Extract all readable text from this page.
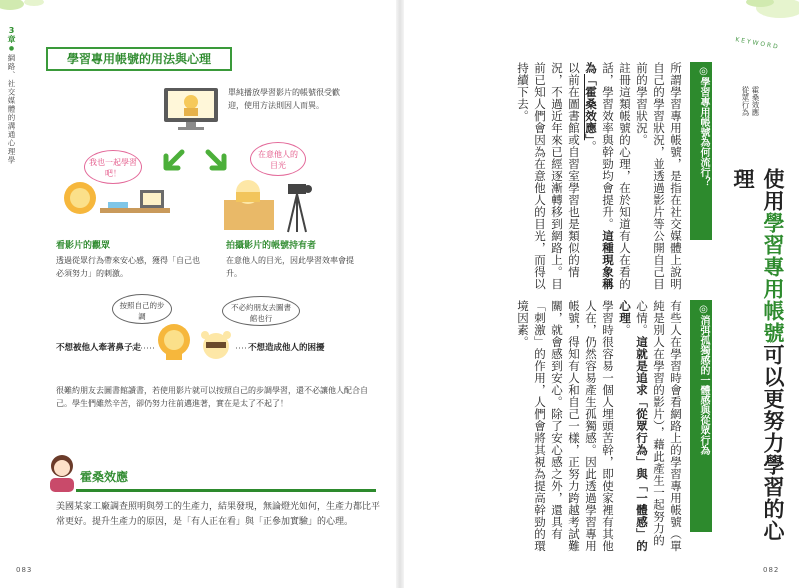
3章
●
網路、社交媒體的溝通心理學	學習專用帳號的用法與心理
單純播放學習影片的帳號很受歡迎，使用方法則因人而異。
我也一起學習吧！
在意他人的目光
看影片的觀眾
透過從眾行為帶來安心感，獲得「自己也必須努力」的刺激。
拍攝影片的帳號持有者
在意他人的目光，因此學習效率會提升。
按照自己的步調
不必約朋友去圖書館也行
不想被他人牽著鼻子走	不想造成他人的困擾
很難約朋友去圖書館讀書，若使用影片就可以按照自己的步調學習，還不必讓他人配合自己。學生們雖然辛苦，卻仍努力往前邁進著，實在是太了不起了！
霍桑效應
美國某家工廠調查照明與勞工的生產力，結果發現，無論燈光如何，生產力都比平常更好。提升生產力的原因，是「有人正在看」與「正參加實驗」的心理。
083
KEYWORD
霍桑效應
從眾行為
使用學習專用帳號可以更努力學習的心理
◎學習專用帳號為何流行？
所謂學習專用帳號，是指在社交媒體上說明自己的學習狀況，並透過影片等公開自己目前的學習狀況。
註冊這類帳號的心理，在於知道有人在看的話，學習效率與幹勁均會提升。這種現象稱為「霍桑效應」。
以前在圖書館或自習室學習也是類似的情況，不過近年來已經逐漸轉移到網路上。目前已知人們會因為在意他人的目光，而得以持續下去。
◎消弭孤獨感的一體感與從眾行為
有些人在學習時會看網路上的學習專用帳號（單純是別人在學習的影片），藉此產生一起努力的心情。這就是追求「從眾行為」與「一體感」的心理。
學習時很容易一個人埋頭苦幹，即使家裡有其他人在，仍然容易產生孤獨感。因此透過學習專用帳號，得知有人和自己一樣，正努力跨越考試難關，就會感到安心。除了安心感之外，還具有「刺激」的作用，人們會將其視為提高幹勁的環境因素。
082
